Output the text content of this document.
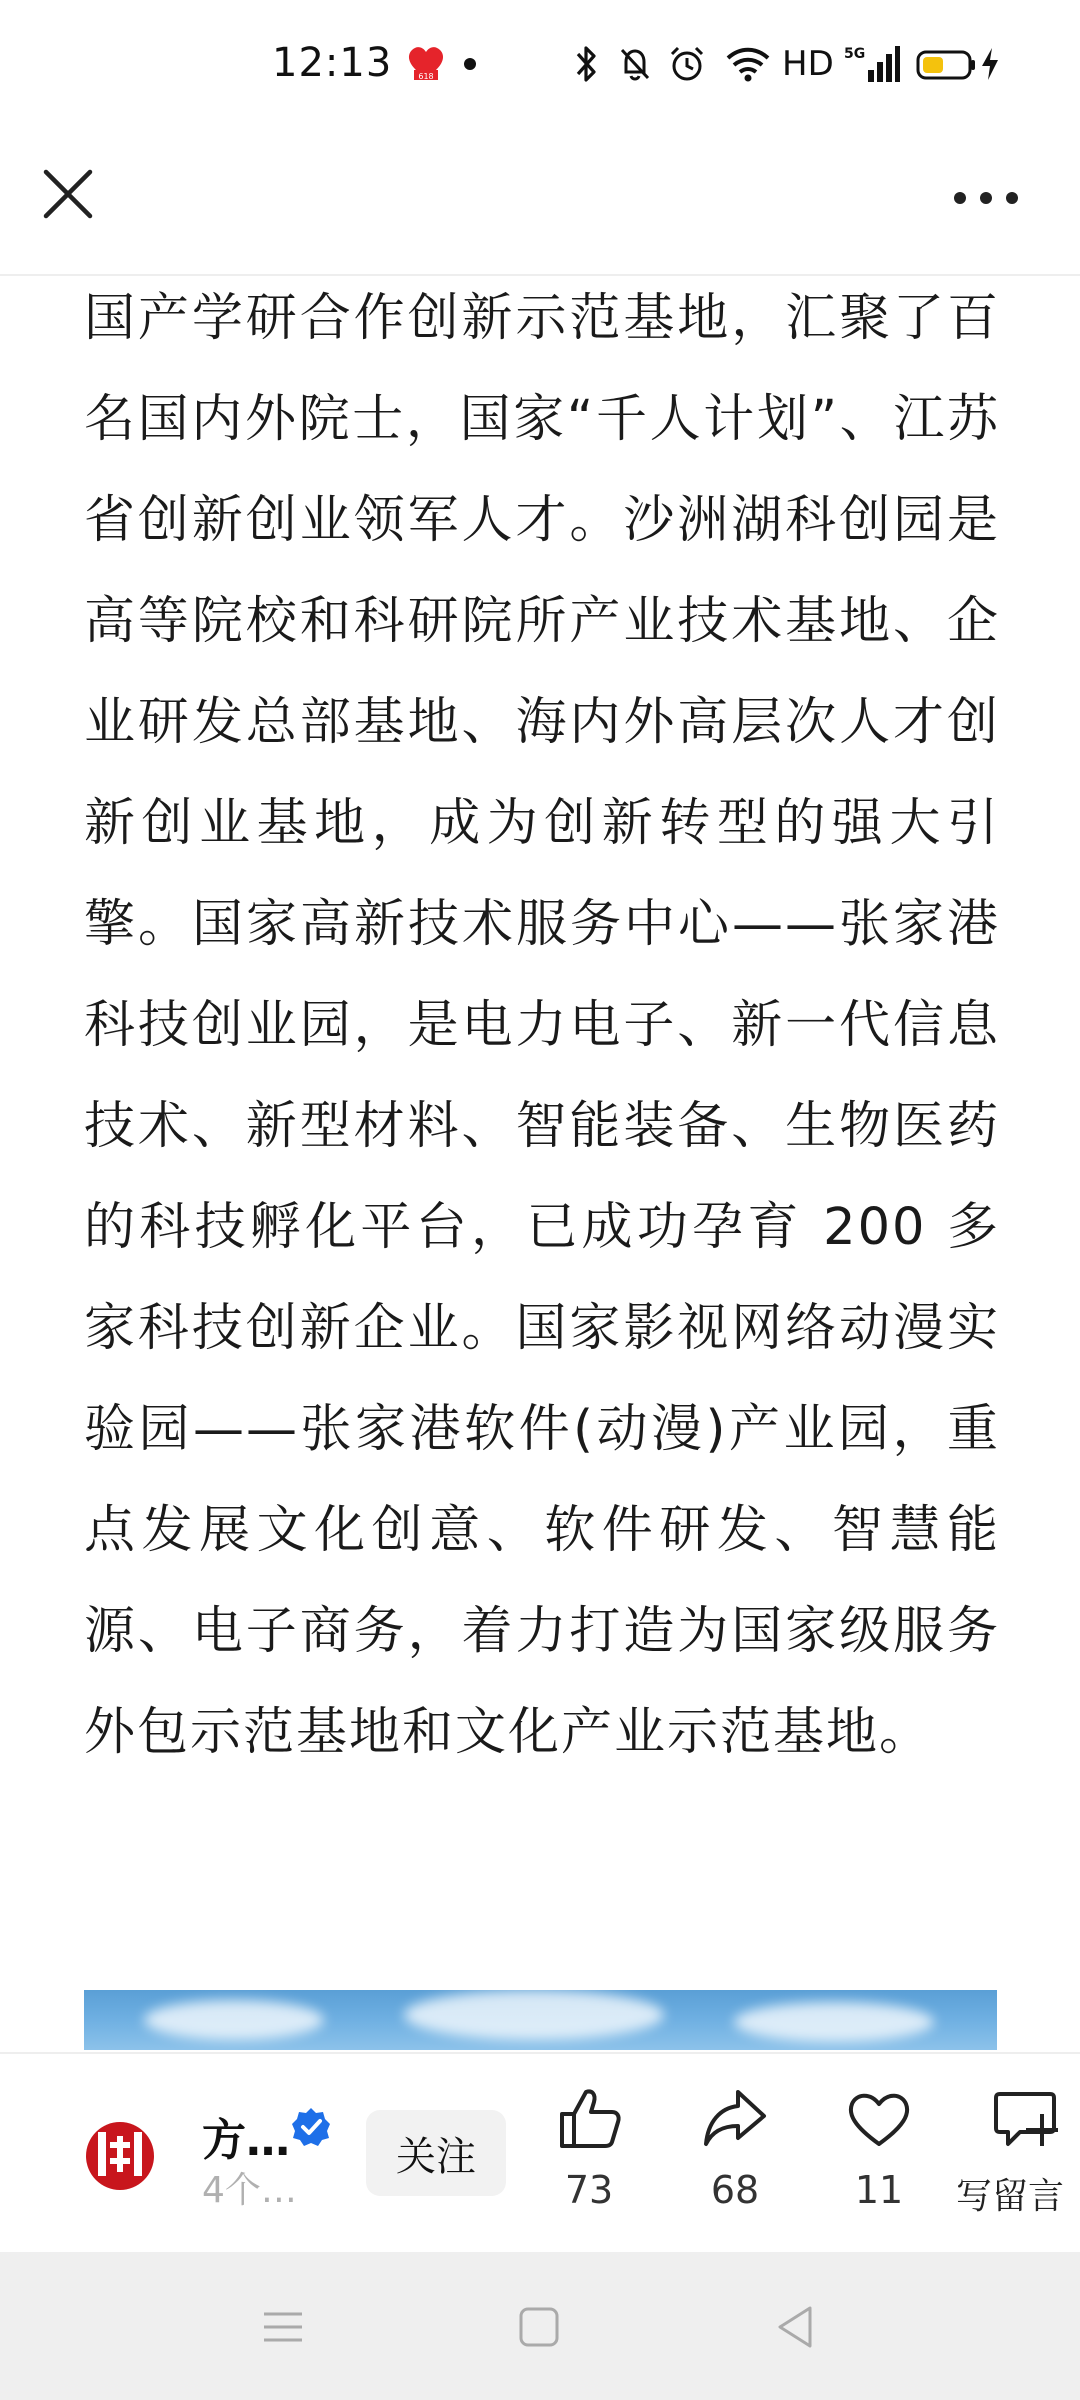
12:13	618	HD 5G

国产学研合作创新示范基地，汇聚了百名国内外院士，国家“千人计划”、江苏省创新创业领军人才。沙洲湖科创园是高等院校和科研院所产业技术基地、企业研发总部基地、海内外高层次人才创新创业基地，成为创新转型的强大引擎。国家高新技术服务中心——张家港科技创业园，是电力电子、新一代信息技术、新型材料、智能装备、生物医药的科技孵化平台，已成功孕育 200 多家科技创新企业。国家影视网络动漫实验园——张家港软件(动漫)产业园，重点发展文化创意、软件研发、智慧能源、电子商务，着力打造为国家级服务外包示范基地和文化产业示范基地。

方…
4个…
关注
73	68	11	写留言
